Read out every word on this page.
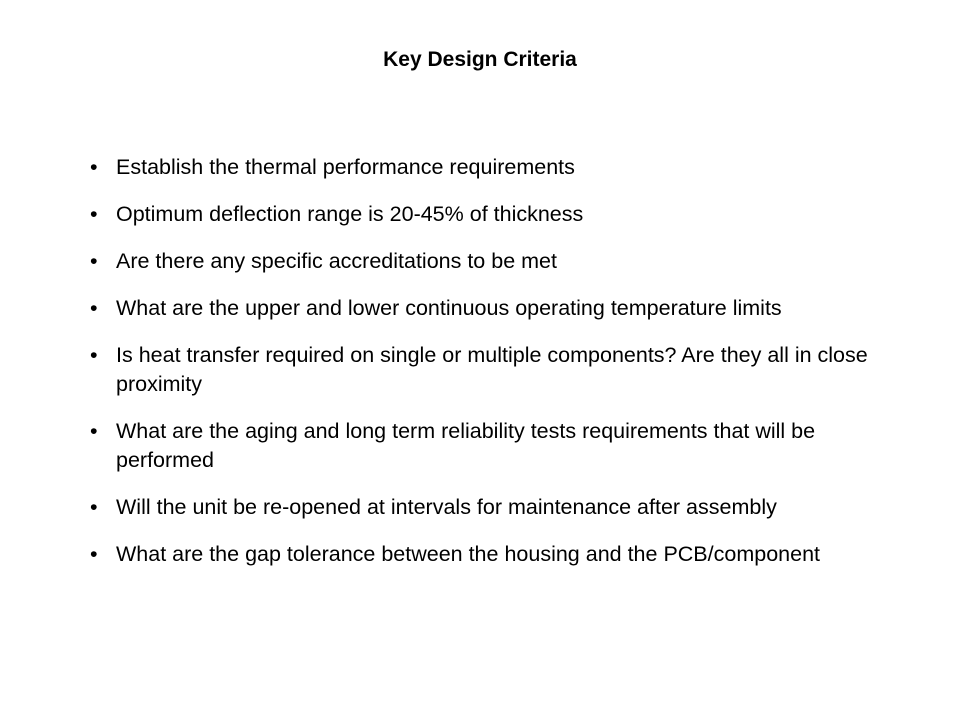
Key Design Criteria
• Establish the thermal performance requirements
• Optimum deflection range is 20-45% of thickness
• Are there any specific accreditations to be met
• What are the upper and lower continuous operating temperature limits
• Is heat transfer required on single or multiple components? Are they all in close proximity
• What are the aging and long term reliability tests requirements that will be performed
• Will the unit be re-opened at intervals for maintenance after assembly
• What are the gap tolerance between the housing and the PCB/component
